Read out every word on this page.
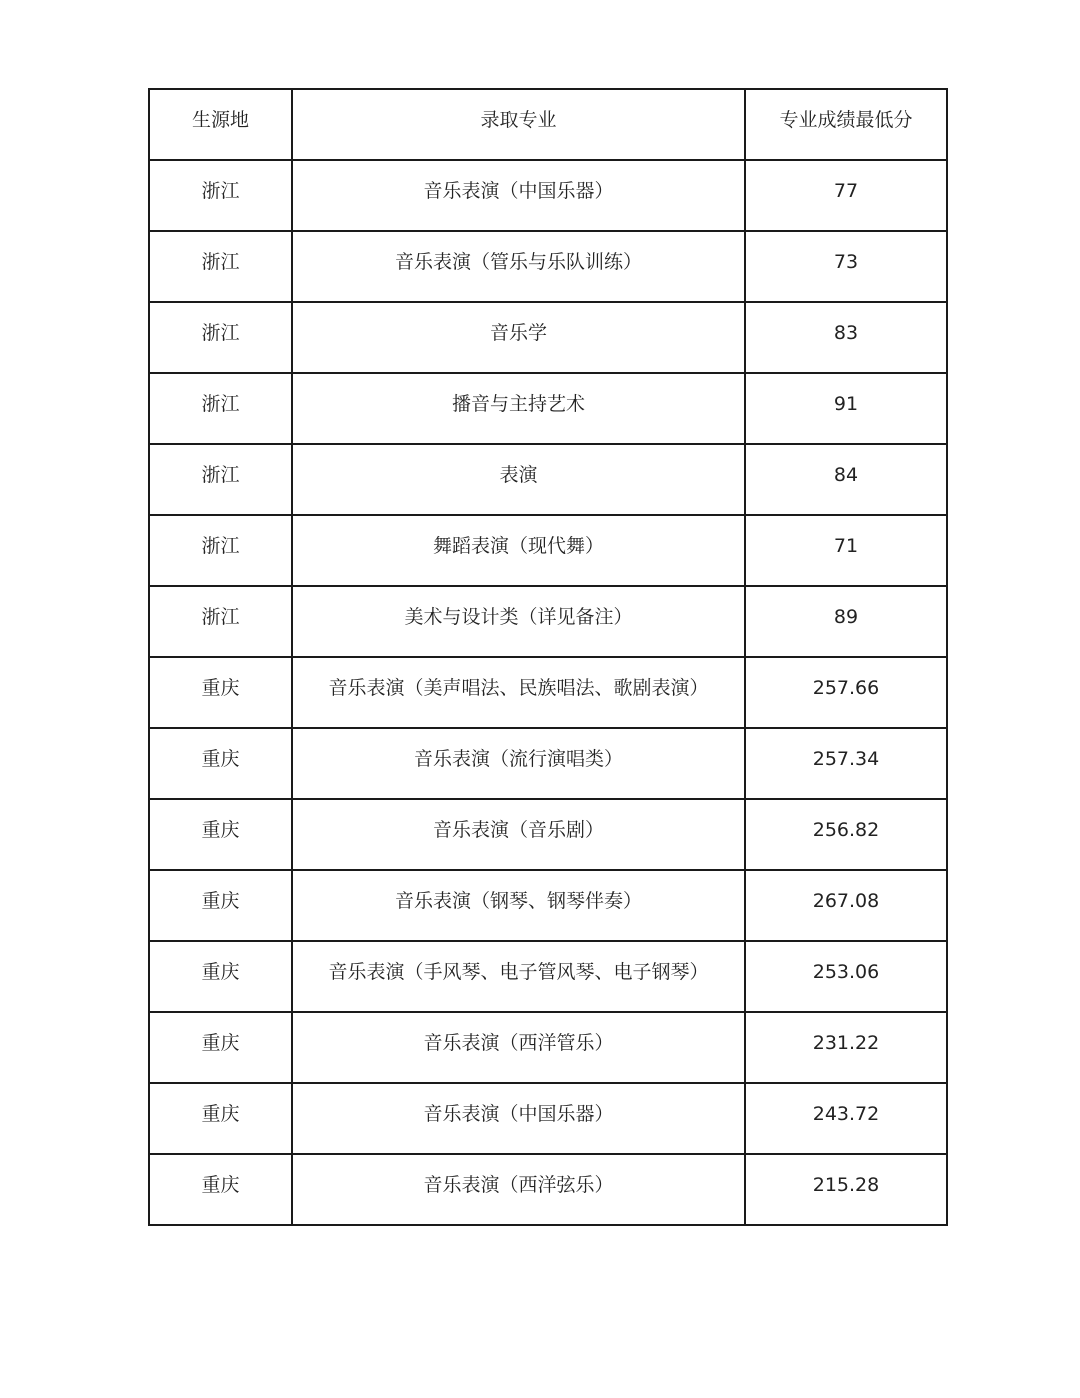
生源地	录取专业	专业成绩最低分

浙江	音乐表演（中国乐器）	77

浙江	音乐表演（管乐与乐队训练）	73

浙江	音乐学	83

浙江	播音与主持艺术	91

浙江	表演	84

浙江	舞蹈表演（现代舞）	71

浙江	美术与设计类（详见备注）	89

重庆	音乐表演（美声唱法、民族唱法、歌剧表演）	257.66

重庆	音乐表演（流行演唱类）	257.34

重庆	音乐表演（音乐剧）	256.82

重庆	音乐表演（钢琴、钢琴伴奏）	267.08

重庆	音乐表演（手风琴、电子管风琴、电子钢琴）	253.06

重庆	音乐表演（西洋管乐）	231.22

重庆	音乐表演（中国乐器）	243.72

重庆	音乐表演（西洋弦乐）	215.28
